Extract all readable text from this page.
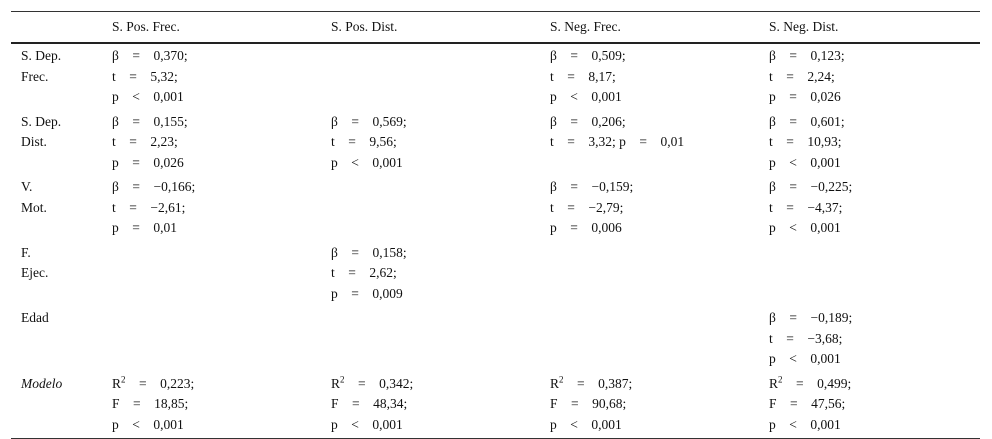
	S. Pos. Frec.	S. Pos. Dist.	S. Neg. Frec.	S. Neg. Dist.
S. Dep.
Frec.	β    =    0,370;
t    =    5,32;
p    <    0,001		β    =    0,509;
t    =    8,17;
p    <    0,001	β    =    0,123;
t    =    2,24;
p    =    0,026

S. Dep.
Dist.	β    =    0,155;
t    =    2,23;
p    =    0,026	β    =    0,569;
t    =    9,56;
p    <    0,001	β    =    0,206;
t    =    3,32; p    =    0,01	β    =    0,601;
t    =    10,93;
p    <    0,001

V.
Mot.	β    =    −0,166;
t    =    −2,61;
p    =    0,01		β    =    −0,159;
t    =    −2,79;
p    =    0,006	β    =    −0,225;
t    =    −4,37;
p    <    0,001

F.
Ejec.		β    =    0,158;
t    =    2,62;
p    =    0,009		

Edad				β    =    −0,189;
t    =    −3,68;
p    <    0,001

Modelo	$R^2$    =    0,223;
F    =    18,85;
p    <    0,001	$R^2$    =    0,342;
F    =    48,34;
p    <    0,001	$R^2$    =    0,387;
F    =    90,68;
p    <    0,001	$R^2$    =    0,499;
F    =    47,56;
p    <    0,001
